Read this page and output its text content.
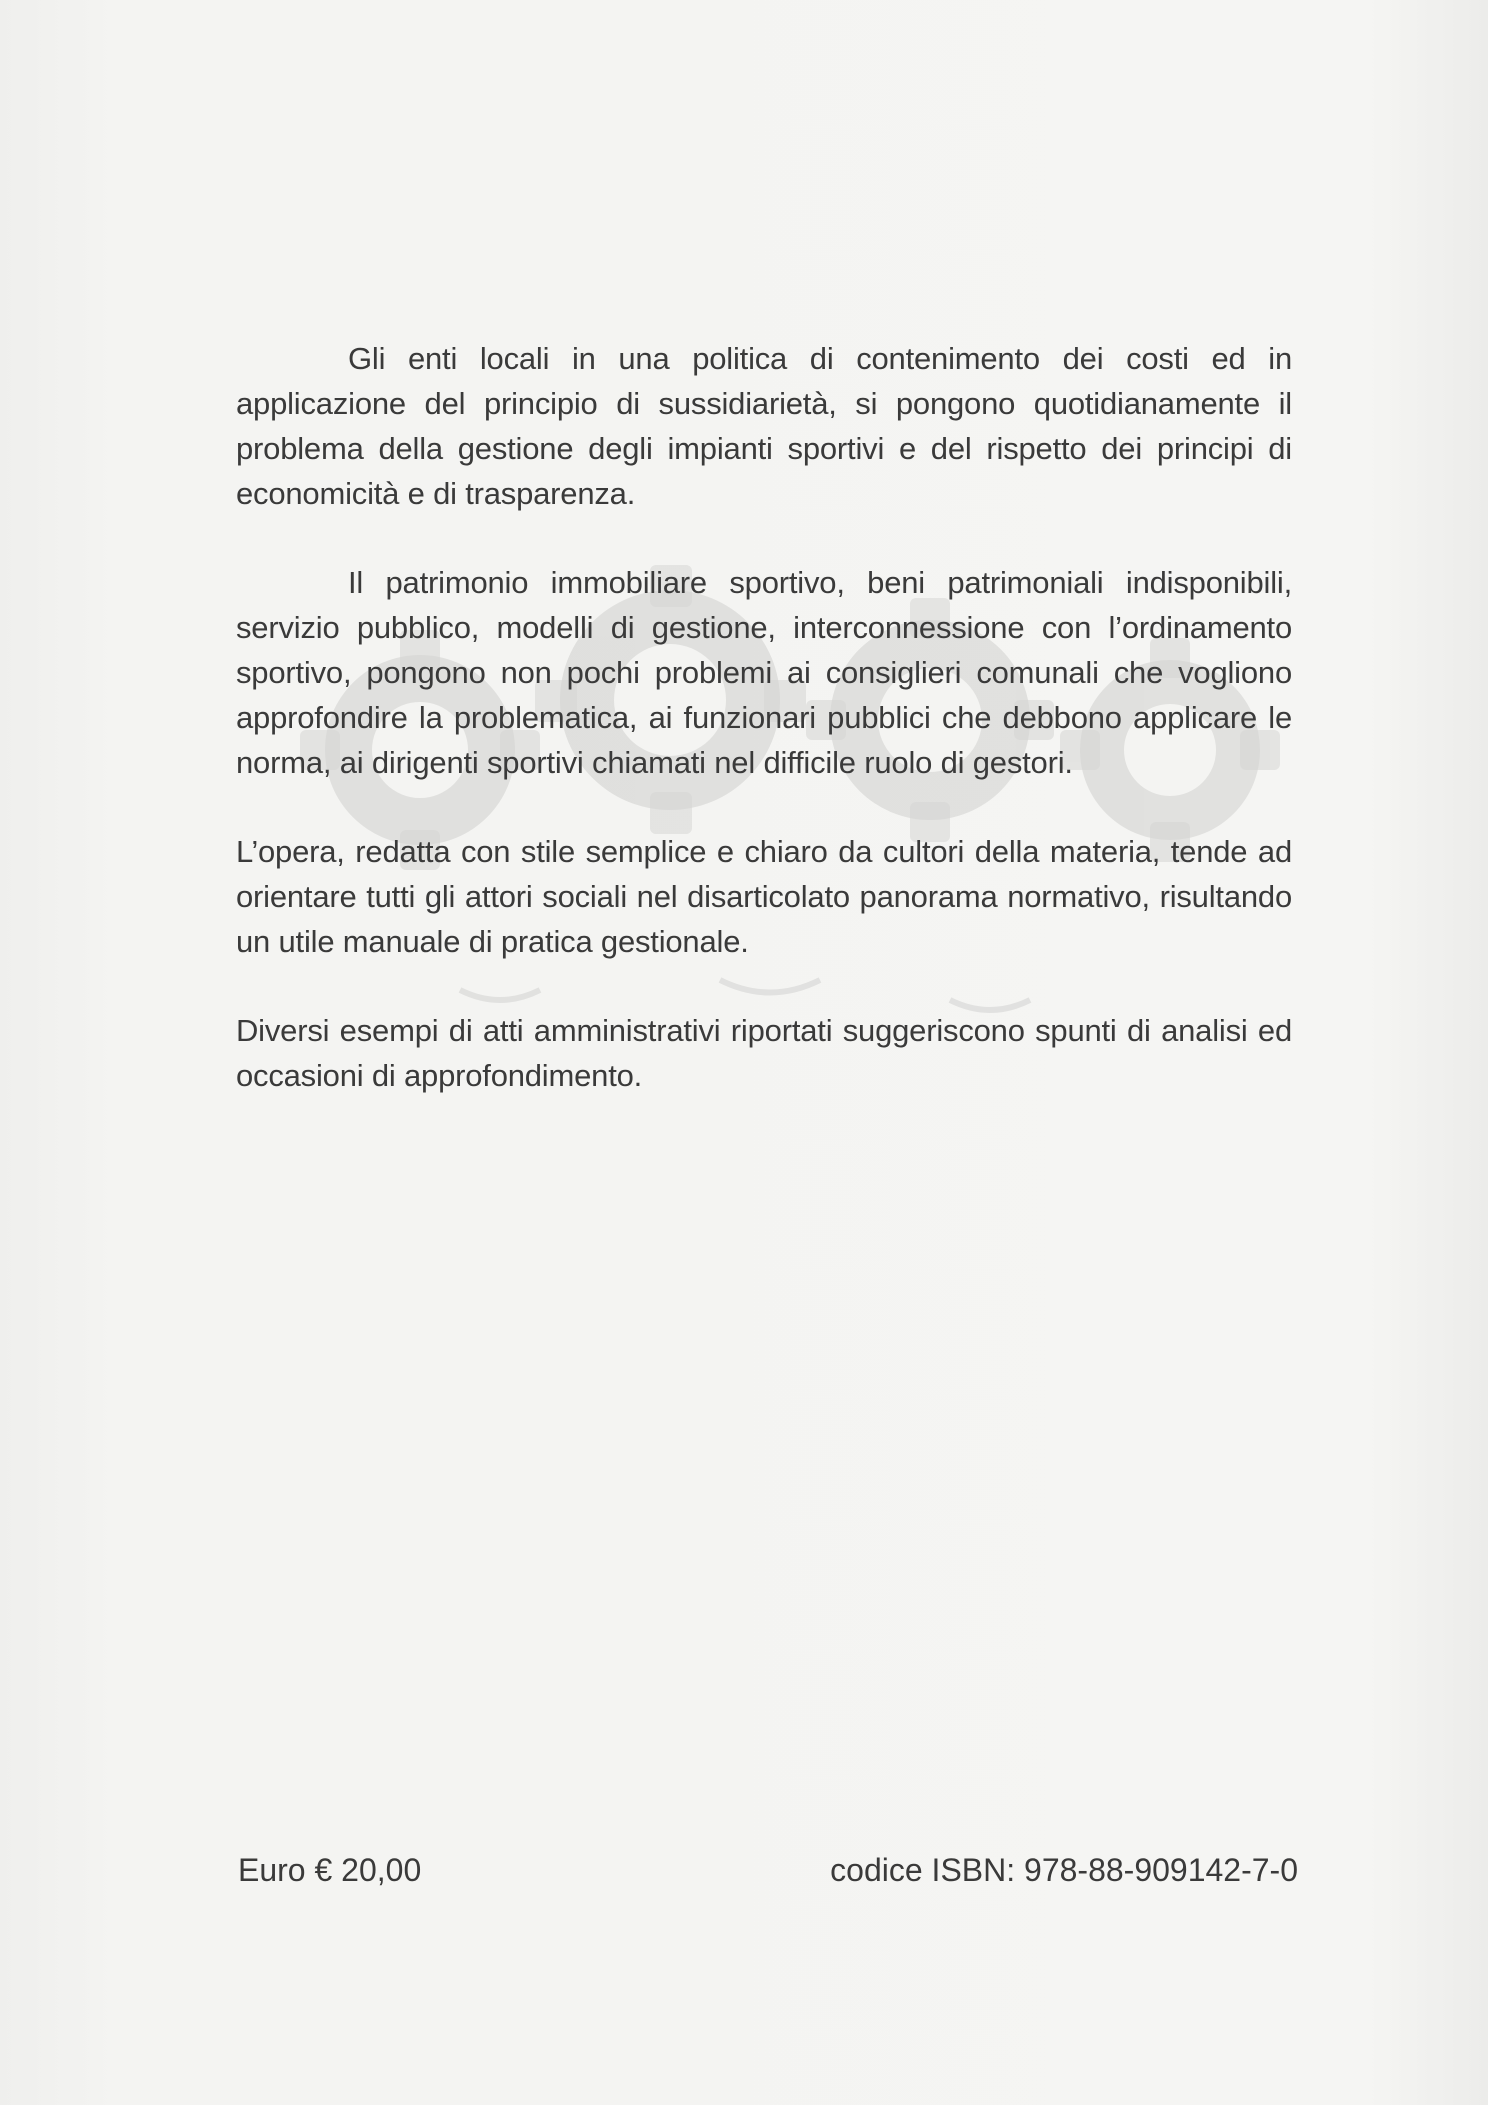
Gli enti locali in una politica di contenimento dei costi ed in applicazione del principio di sussidiarietà, si pongono quotidianamente il problema della gestione degli impianti sportivi e del rispetto dei principi di economicità e di trasparenza.

Il patrimonio immobiliare sportivo, beni patrimoniali indisponibili, servizio pubblico, modelli di gestione, interconnessione con l’ordinamento sportivo, pongono non pochi problemi ai consiglieri comunali che vogliono approfondire la problematica, ai funzionari pubblici che debbono applicare le norma, ai dirigenti sportivi chiamati nel difficile ruolo di gestori.

L’opera, redatta con stile semplice e chiaro da cultori della materia, tende ad orientare tutti gli attori sociali nel disarticolato panorama normativo, risultando un utile manuale di pratica gestionale.

Diversi esempi di atti amministrativi riportati suggeriscono spunti di analisi ed occasioni di approfondimento.

Euro € 20,00	codice ISBN: 978-88-909142-7-0
